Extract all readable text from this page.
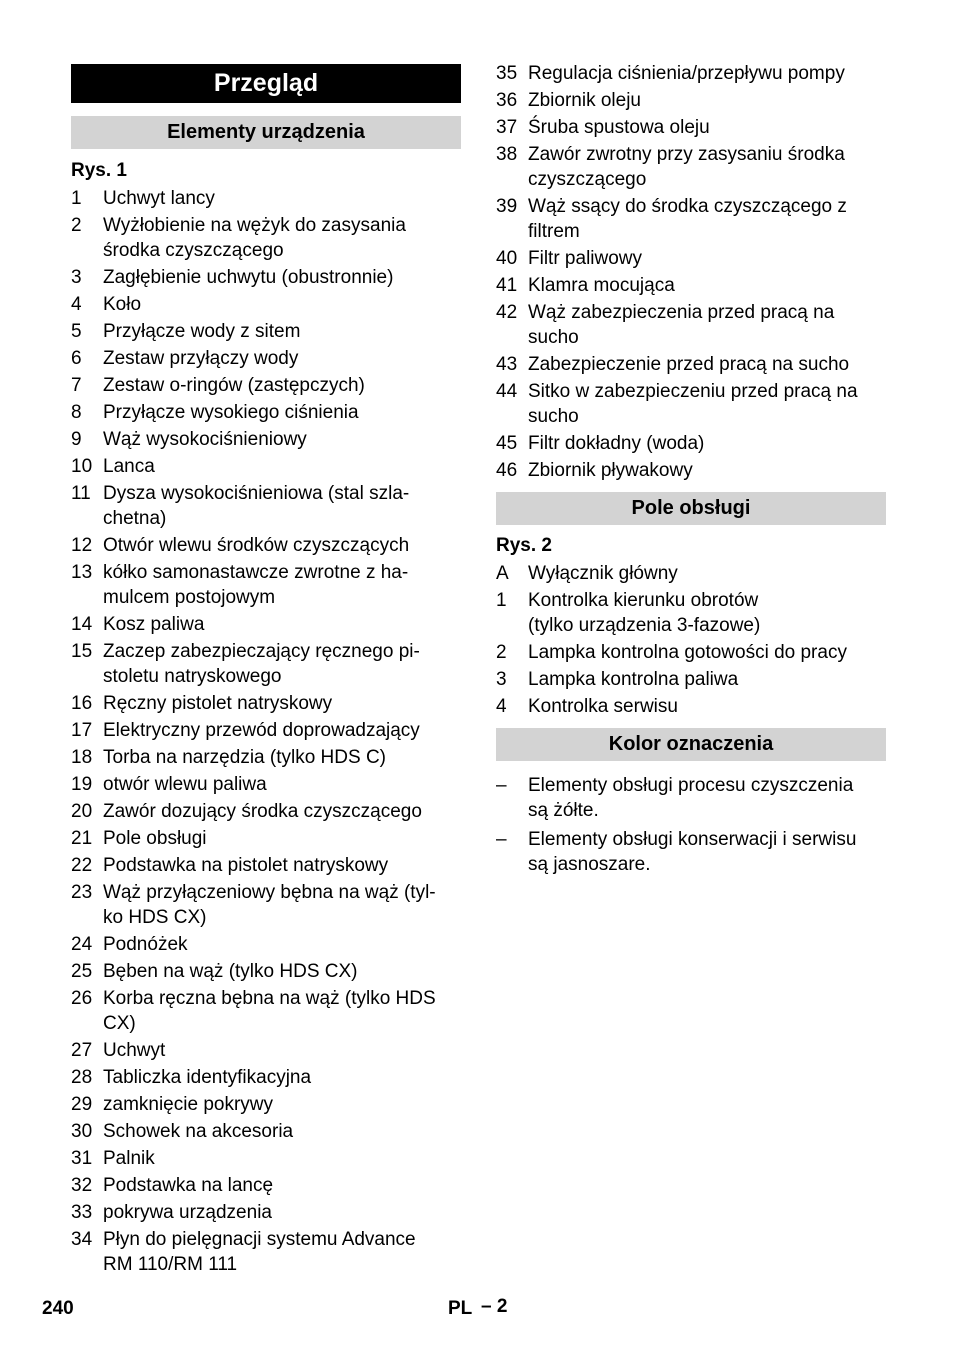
Przegląd
Elementy urządzenia
Rys. 1
1	Uchwyt lancy
2	Wyżłobienie na wężyk do zasysania
środka czyszczącego
3	Zagłębienie uchwytu (obustronnie)
4	Koło
5	Przyłącze wody z sitem
6	Zestaw przyłączy wody
7	Zestaw o-ringów (zastępczych)
8	Przyłącze wysokiego ciśnienia
9	Wąż wysokociśnieniowy
10 Lanca
11 Dysza wysokociśnieniowa (stal szla-
chetna)
12 Otwór wlewu środków czyszczących
13 kółko samonastawcze zwrotne z ha-
mulcem postojowym
14 Kosz paliwa
15 Zaczep zabezpieczający ręcznego pi-
stoletu natryskowego
16 Ręczny pistolet natryskowy
17 Elektryczny przewód doprowadzający
18 Torba na narzędzia (tylko HDS C)
19 otwór wlewu paliwa
20 Zawór dozujący środka czyszczącego
21 Pole obsługi
22 Podstawka na pistolet natryskowy
23 Wąż przyłączeniowy bębna na wąż (tyl-
ko HDS CX)
24 Podnóżek
25 Bęben na wąż (tylko HDS CX)
26 Korba ręczna bębna na wąż (tylko HDS
CX)
27 Uchwyt
28 Tabliczka identyfikacyjna
29 zamknięcie pokrywy
30 Schowek na akcesoria
31 Palnik
32 Podstawka na lancę
33 pokrywa urządzenia
34 Płyn do pielęgnacji systemu Advance
RM 110/RM 111
35 Regulacja ciśnienia/przepływu pompy
36 Zbiornik oleju
37 Śruba spustowa oleju
38 Zawór zwrotny przy zasysaniu środka
czyszczącego
39 Wąż ssący do środka czyszczącego z
filtrem
40 Filtr paliwowy
41 Klamra mocująca
42 Wąż zabezpieczenia przed pracą na
sucho
43 Zabezpieczenie przed pracą na sucho
44 Sitko w zabezpieczeniu przed pracą na
sucho
45 Filtr dokładny (woda)
46 Zbiornik pływakowy
Pole obsługi
Rys. 2
A	Wyłącznik główny
1	Kontrolka kierunku obrotów
(tylko urządzenia 3-fazowe)
2	Lampka kontrolna gotowości do pracy
3	Lampka kontrolna paliwa
4	Kontrolka serwisu
Kolor oznaczenia
–	Elementy obsługi procesu czyszczenia
są żółte.
–	Elementy obsługi konserwacji i serwisu
są jasnoszare.
240	PL – 2
